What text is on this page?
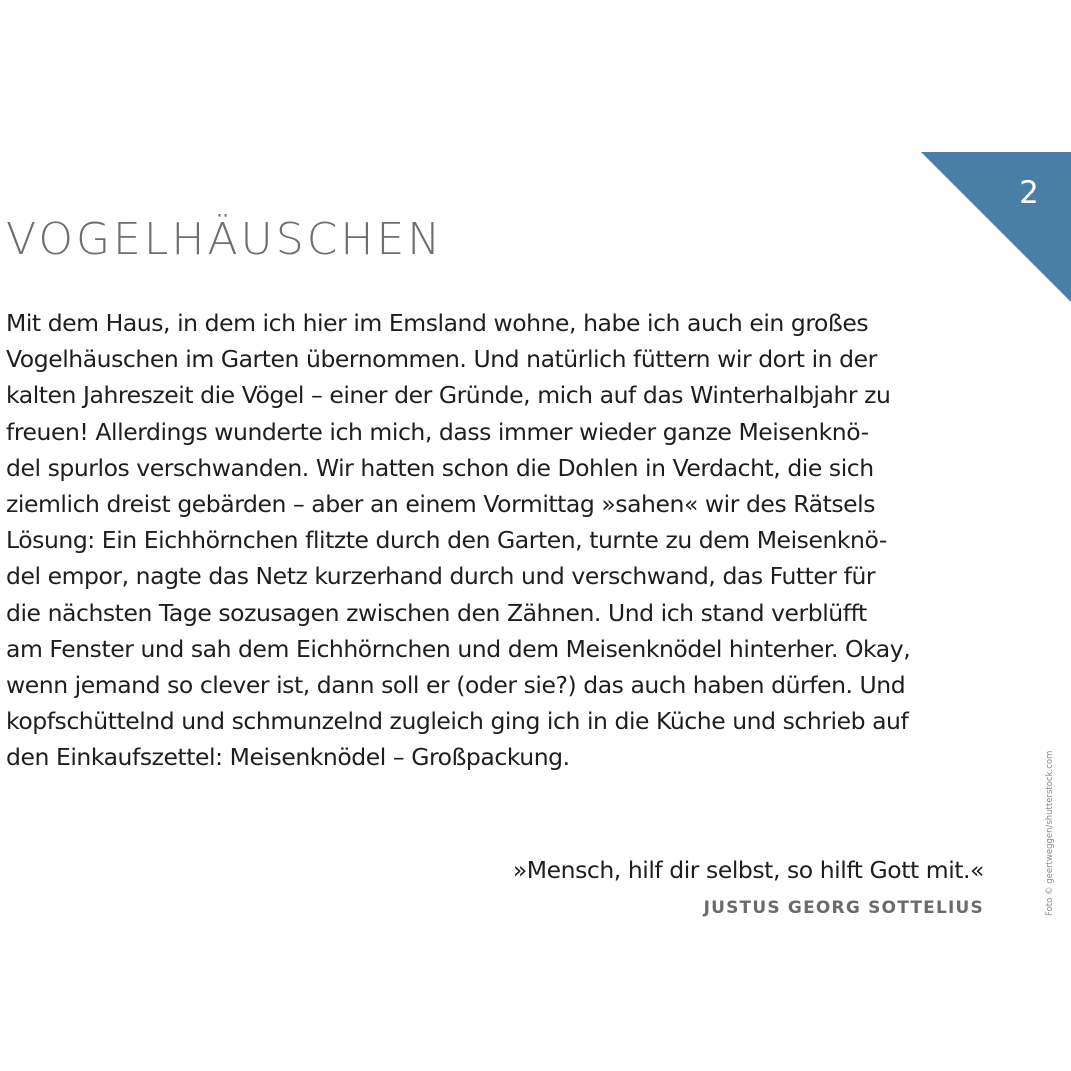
2
VOGELHÄUSCHEN
Mit dem Haus, in dem ich hier im Emsland wohne, habe ich auch ein großes
Vogelhäuschen im Garten übernommen. Und natürlich füttern wir dort in der
kalten Jahreszeit die Vögel – einer der Gründe, mich auf das Winterhalbjahr zu
freuen! Allerdings wunderte ich mich, dass immer wieder ganze Meisenknö-
del spurlos verschwanden. Wir hatten schon die Dohlen in Verdacht, die sich
ziemlich dreist gebärden – aber an einem Vormittag »sahen« wir des Rätsels
Lösung: Ein Eichhörnchen flitzte durch den Garten, turnte zu dem Meisenknö-
del empor, nagte das Netz kurzerhand durch und verschwand, das Futter für
die nächsten Tage sozusagen zwischen den Zähnen. Und ich stand verblüfft
am Fenster und sah dem Eichhörnchen und dem Meisenknödel hinterher. Okay,
wenn jemand so clever ist, dann soll er (oder sie?) das auch haben dürfen. Und
kopfschüttelnd und schmunzelnd zugleich ging ich in die Küche und schrieb auf
den Einkaufszettel: Meisenknödel – Großpackung.
»Mensch, hilf dir selbst, so hilft Gott mit.«
JUSTUS GEORG SOTTELIUS	Foto © geertweggen/shutterstock.com
